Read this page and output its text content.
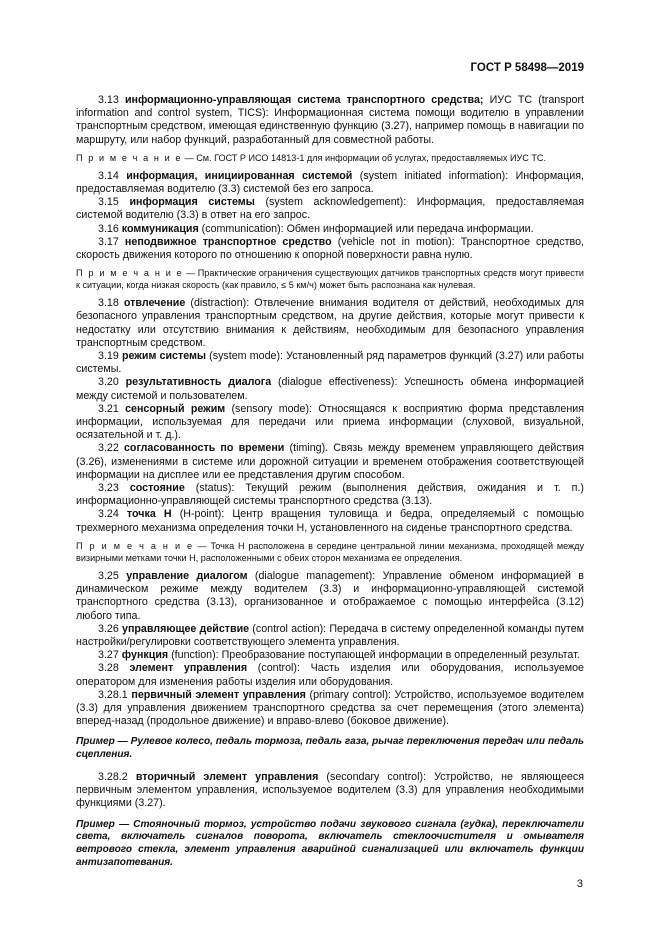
ГОСТ Р 58498—2019

3.13 информационно-управляющая система транспортного средства; ИУС ТС (transport information and control system, TICS): Информационная система помощи водителю в управлении транспортным средством, имеющая единственную функцию (3.27), например помощь в навигации по маршруту, или набор функций, разработанный для совместной работы.

П р и м е ч а н и е — См. ГОСТ Р ИСО 14813-1 для информации об услугах, предоставляемых ИУС ТС.

3.14 информация, инициированная системой (system initiated information): Информация, предоставляемая водителю (3.3) системой без его запроса.

3.15 информация системы (system acknowledgement): Информация, предоставляемая системой водителю (3.3) в ответ на его запрос.

3.16 коммуникация (communication): Обмен информацией или передача информации.

3.17 неподвижное транспортное средство (vehicle not in motion): Транспортное средство, скорость движения которого по отношению к опорной поверхности равна нулю.

П р и м е ч а н и е — Практические ограничения существующих датчиков транспортных средств могут привести к ситуации, когда низкая скорость (как правило, ≤ 5 км/ч) может быть распознана как нулевая.

3.18 отвлечение (distraction): Отвлечение внимания водителя от действий, необходимых для безопасного управления транспортным средством, на другие действия, которые могут привести к недостатку или отсутствию внимания к действиям, необходимым для безопасного управления транспортным средством.

3.19 режим системы (system mode): Установленный ряд параметров функций (3.27) или работы системы.

3.20 результативность диалога (dialogue effectiveness): Успешность обмена информацией между системой и пользователем.

3.21 сенсорный режим (sensory mode): Относящаяся к восприятию форма представления информации, используемая для передачи или приема информации (слуховой, визуальной, осязательной и т. д.).

3.22 согласованность по времени (timing). Связь между временем управляющего действия (3.26), изменениями в системе или дорожной ситуации и временем отображения соответствующей информации на дисплее или ее представления другим способом.

3.23 состояние (status): Текущий режим (выполнения действия, ожидания и т. п.) информационно-управляющей системы транспортного средства (3.13).

3.24 точка H (H-point): Центр вращения туловища и бедра, определяемый с помощью трехмерного механизма определения точки H, установленного на сиденье транспортного средства.

П р и м е ч а н и е — Точка H расположена в середине центральной линии механизма, проходящей между визирными метками точки H, расположенными с обеих сторон механизма ее определения.

3.25 управление диалогом (dialogue management): Управление обменом информацией в динамическом режиме между водителем (3.3) и информационно-управляющей системой транспортного средства (3.13), организованное и отображаемое с помощью интерфейса (3.12) любого типа.

3.26 управляющее действие (control action): Передача в систему определенной команды путем настройки/регулировки соответствующего элемента управления.

3.27 функция (function): Преобразование поступающей информации в определенный результат.

3.28 элемент управления (control): Часть изделия или оборудования, используемое оператором для изменения работы изделия или оборудования.

3.28.1 первичный элемент управления (primary control): Устройство, используемое водителем (3.3) для управления движением транспортного средства за счет перемещения (этого элемента) вперед-назад (продольное движение) и вправо-влево (боковое движение).

Пример — Рулевое колесо, педаль тормоза, педаль газа, рычаг переключения передач или педаль сцепления.

3.28.2 вторичный элемент управления (secondary control): Устройство, не являющееся первичным элементом управления, используемое водителем (3.3) для управления необходимыми функциями (3.27).

Пример — Стояночный тормоз, устройство подачи звукового сигнала (гудка), переключатели света, включатель сигналов поворота, включатель стеклоочистителя и омывателя ветрового стекла, элемент управления аварийной сигнализацией или включатель функции антизапотевания.

3
